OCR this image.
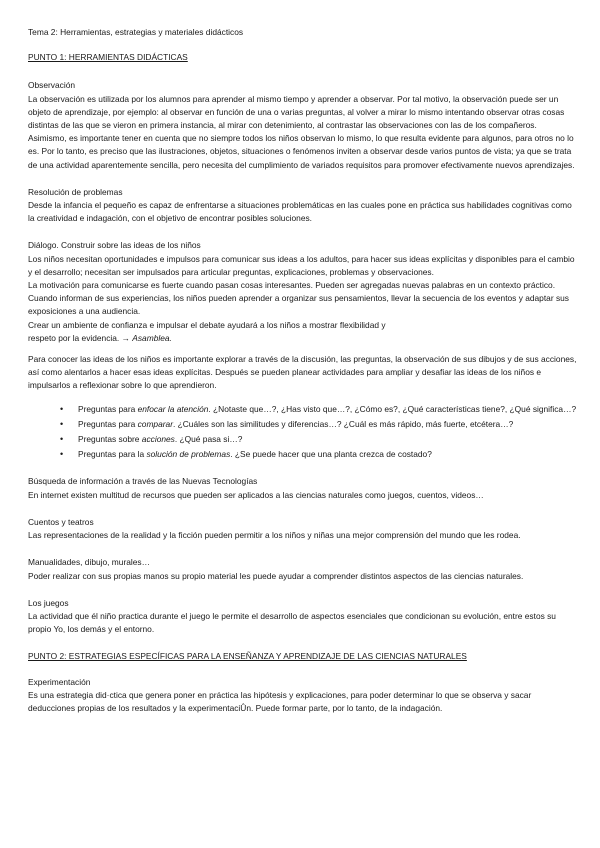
Tema 2: Herramientas, estrategias y materiales didácticos

PUNTO 1: HERRAMIENTAS DIDÁCTICAS

Observación

La observación es utilizada por los alumnos para aprender al mismo tiempo y aprender a observar. Por tal motivo, la observación puede ser un objeto de aprendizaje, por ejemplo: al observar en función de una o varias preguntas, al volver a mirar lo mismo intentando observar otras cosas distintas de las que se vieron en primera instancia, al mirar con detenimiento, al contrastar las observaciones con las de los compañeros.

Asimismo, es importante tener en cuenta que no siempre todos los niños observan lo mismo, lo que resulta evidente para algunos, para otros no lo es. Por lo tanto, es preciso que las ilustraciones, objetos, situaciones o fenómenos inviten a observar desde varios puntos de vista; ya que se trata de una actividad aparentemente sencilla, pero necesita del cumplimiento de variados requisitos para promover efectivamente nuevos aprendizajes.

Resolución de problemas

Desde la infancia el pequeño es capaz de enfrentarse a situaciones problemáticas en las cuales pone en práctica sus habilidades cognitivas como la creatividad e indagación, con el objetivo de encontrar posibles soluciones.

Diálogo. Construir sobre las ideas de los niños

Los niños necesitan oportunidades e impulsos para comunicar sus ideas a los adultos, para hacer sus ideas explícitas y disponibles para el cambio y el desarrollo; necesitan ser impulsados para articular preguntas, explicaciones, problemas y observaciones.

La motivación para comunicarse es fuerte cuando pasan cosas interesantes. Pueden ser agregadas nuevas palabras en un contexto práctico.

Cuando informan de sus experiencias, los niños pueden aprender a organizar sus pensamientos, llevar la secuencia de los eventos y adaptar sus exposiciones a una audiencia.

Crear un ambiente de confianza e impulsar el debate ayudará a los niños a mostrar flexibilidad y

respeto por la evidencia. → Asamblea.

Para conocer las ideas de los niños es importante explorar a través de la discusión, las preguntas, la observación de sus dibujos y de sus acciones, así como alentarlos a hacer esas ideas explícitas. Después se pueden planear actividades para ampliar y desafiar las ideas de los niños e impulsarlos a reflexionar sobre lo que aprendieron.

• Preguntas para enfocar la atención. ¿Notaste que…?, ¿Has visto que…?, ¿Cómo es?, ¿Qué características tiene?, ¿Qué significa…?
• Preguntas para comparar. ¿Cuáles son las similitudes y diferencias…? ¿Cuál es más rápido, más fuerte, etcétera…?
• Preguntas sobre acciones. ¿Qué pasa si…?
• Preguntas para la solución de problemas. ¿Se puede hacer que una planta crezca de costado?

Búsqueda de información a través de las Nuevas Tecnologías

En internet existen multitud de recursos que pueden ser aplicados a las ciencias naturales como juegos, cuentos, videos…

Cuentos y teatros

Las representaciones de la realidad y la ficción pueden permitir a los niños y niñas una mejor comprensión del mundo que les rodea.

Manualidades, dibujo, murales…

Poder realizar con sus propias manos su propio material les puede ayudar a comprender distintos aspectos de las ciencias naturales.

Los juegos

La actividad que él niño practica durante el juego le permite el desarrollo de aspectos esenciales que condicionan su evolución, entre estos su propio Yo, los demás y el entorno.

PUNTO 2: ESTRATEGIAS ESPECÍFICAS PARA LA ENSEÑANZA Y APRENDIZAJE DE LAS CIENCIAS NATURALES

Experimentación

Es una estrategia did·ctica que genera poner en práctica las hipótesis y explicaciones, para poder determinar lo que se observa y sacar deducciones propias de los resultados y la experimentaciÛn. Puede formar parte, por lo tanto, de la indagación.
